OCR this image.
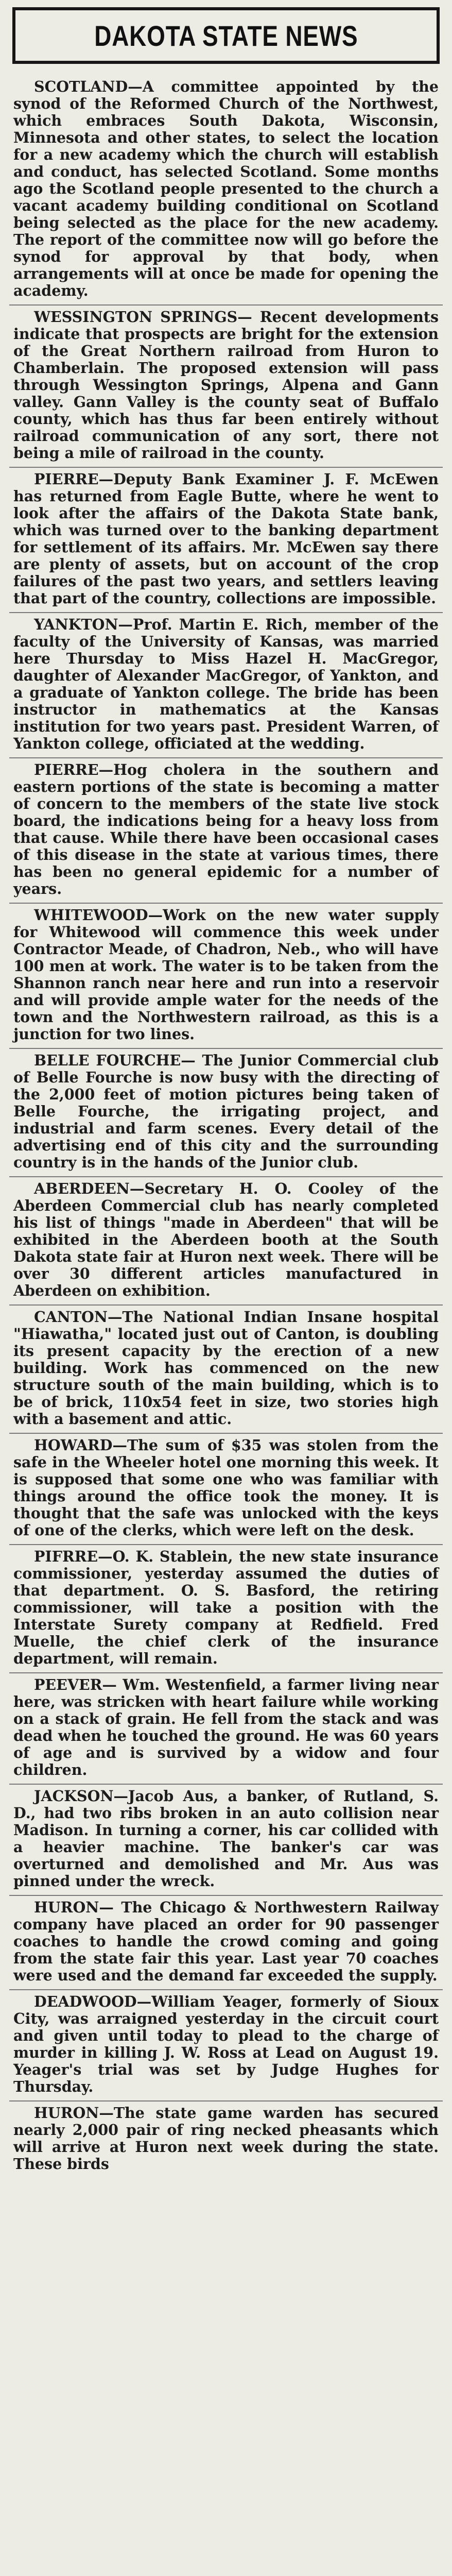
DAKOTA STATE NEWS

SCOTLAND—A committee appointed by the synod of the Reformed Church of the Northwest, which embraces South Dakota, Wisconsin, Minnesota and other states, to select the location for a new academy which the church will establish and conduct, has selected Scotland. Some months ago the Scotland people presented to the church a vacant academy building conditional on Scotland being selected as the place for the new academy. The report of the committee now will go before the synod for approval by that body, when arrangements will at once be made for opening the academy.

WESSINGTON SPRINGS— Recent developments indicate that prospects are bright for the extension of the Great Northern railroad from Huron to Chamberlain. The proposed extension will pass through Wessington Springs, Alpena and Gann valley. Gann Valley is the county seat of Buffalo county, which has thus far been entirely without railroad communication of any sort, there not being a mile of railroad in the county.

PIERRE—Deputy Bank Examiner J. F. McEwen has returned from Eagle Butte, where he went to look after the affairs of the Dakota State bank, which was turned over to the banking department for settlement of its affairs. Mr. McEwen say there are plenty of assets, but on account of the crop failures of the past two years, and settlers leaving that part of the country, collections are impossible.

YANKTON—Prof. Martin E. Rich, member of the faculty of the University of Kansas, was married here Thursday to Miss Hazel H. MacGregor, daughter of Alexander MacGregor, of Yankton, and a graduate of Yankton college. The bride has been instructor in mathematics at the Kansas institution for two years past. President Warren, of Yankton college, officiated at the wedding.

PIERRE—Hog cholera in the southern and eastern portions of the state is becoming a matter of concern to the members of the state live stock board, the indications being for a heavy loss from that cause. While there have been occasional cases of this disease in the state at various times, there has been no general epidemic for a number of years.

WHITEWOOD—Work on the new water supply for Whitewood will commence this week under Contractor Meade, of Chadron, Neb., who will have 100 men at work. The water is to be taken from the Shannon ranch near here and run into a reservoir and will provide ample water for the needs of the town and the Northwestern railroad, as this is a junction for two lines.

BELLE FOURCHE— The Junior Commercial club of Belle Fourche is now busy with the directing of the 2,000 feet of motion pictures being taken of Belle Fourche, the irrigating project, and industrial and farm scenes. Every detail of the advertising end of this city and the surrounding country is in the hands of the Junior club.

ABERDEEN—Secretary H. O. Cooley of the Aberdeen Commercial club has nearly completed his list of things "made in Aberdeen" that will be exhibited in the Aberdeen booth at the South Dakota state fair at Huron next week. There will be over 30 different articles manufactured in Aberdeen on exhibition.

CANTON—The National Indian Insane hospital "Hiawatha," located just out of Canton, is doubling its present capacity by the erection of a new building. Work has commenced on the new structure south of the main building, which is to be of brick, 110x54 feet in size, two stories high with a basement and attic.

HOWARD—The sum of $35 was stolen from the safe in the Wheeler hotel one morning this week. It is supposed that some one who was familiar with things around the office took the money. It is thought that the safe was unlocked with the keys of one of the clerks, which were left on the desk.

PIFRRE—O. K. Stablein, the new state insurance commissioner, yesterday assumed the duties of that department. O. S. Basford, the retiring commissioner, will take a position with the Interstate Surety company at Redfield. Fred Muelle, the chief clerk of the insurance department, will remain.

PEEVER— Wm. Westenfield, a farmer living near here, was stricken with heart failure while working on a stack of grain. He fell from the stack and was dead when he touched the ground. He was 60 years of age and is survived by a widow and four children.

JACKSON—Jacob Aus, a banker, of Rutland, S. D., had two ribs broken in an auto collision near Madison. In turning a corner, his car collided with a heavier machine. The banker's car was overturned and demolished and Mr. Aus was pinned under the wreck.

HURON— The Chicago & Northwestern Railway company have placed an order for 90 passenger coaches to handle the crowd coming and going from the state fair this year. Last year 70 coaches were used and the demand far exceeded the supply.

DEADWOOD—William Yeager, formerly of Sioux City, was arraigned yesterday in the circuit court and given until today to plead to the charge of murder in killing J. W. Ross at Lead on August 19. Yeager's trial was set by Judge Hughes for Thursday.

HURON—The state game warden has secured nearly 2,000 pair of ring necked pheasants which will arrive at Huron next week during the state. These birds
